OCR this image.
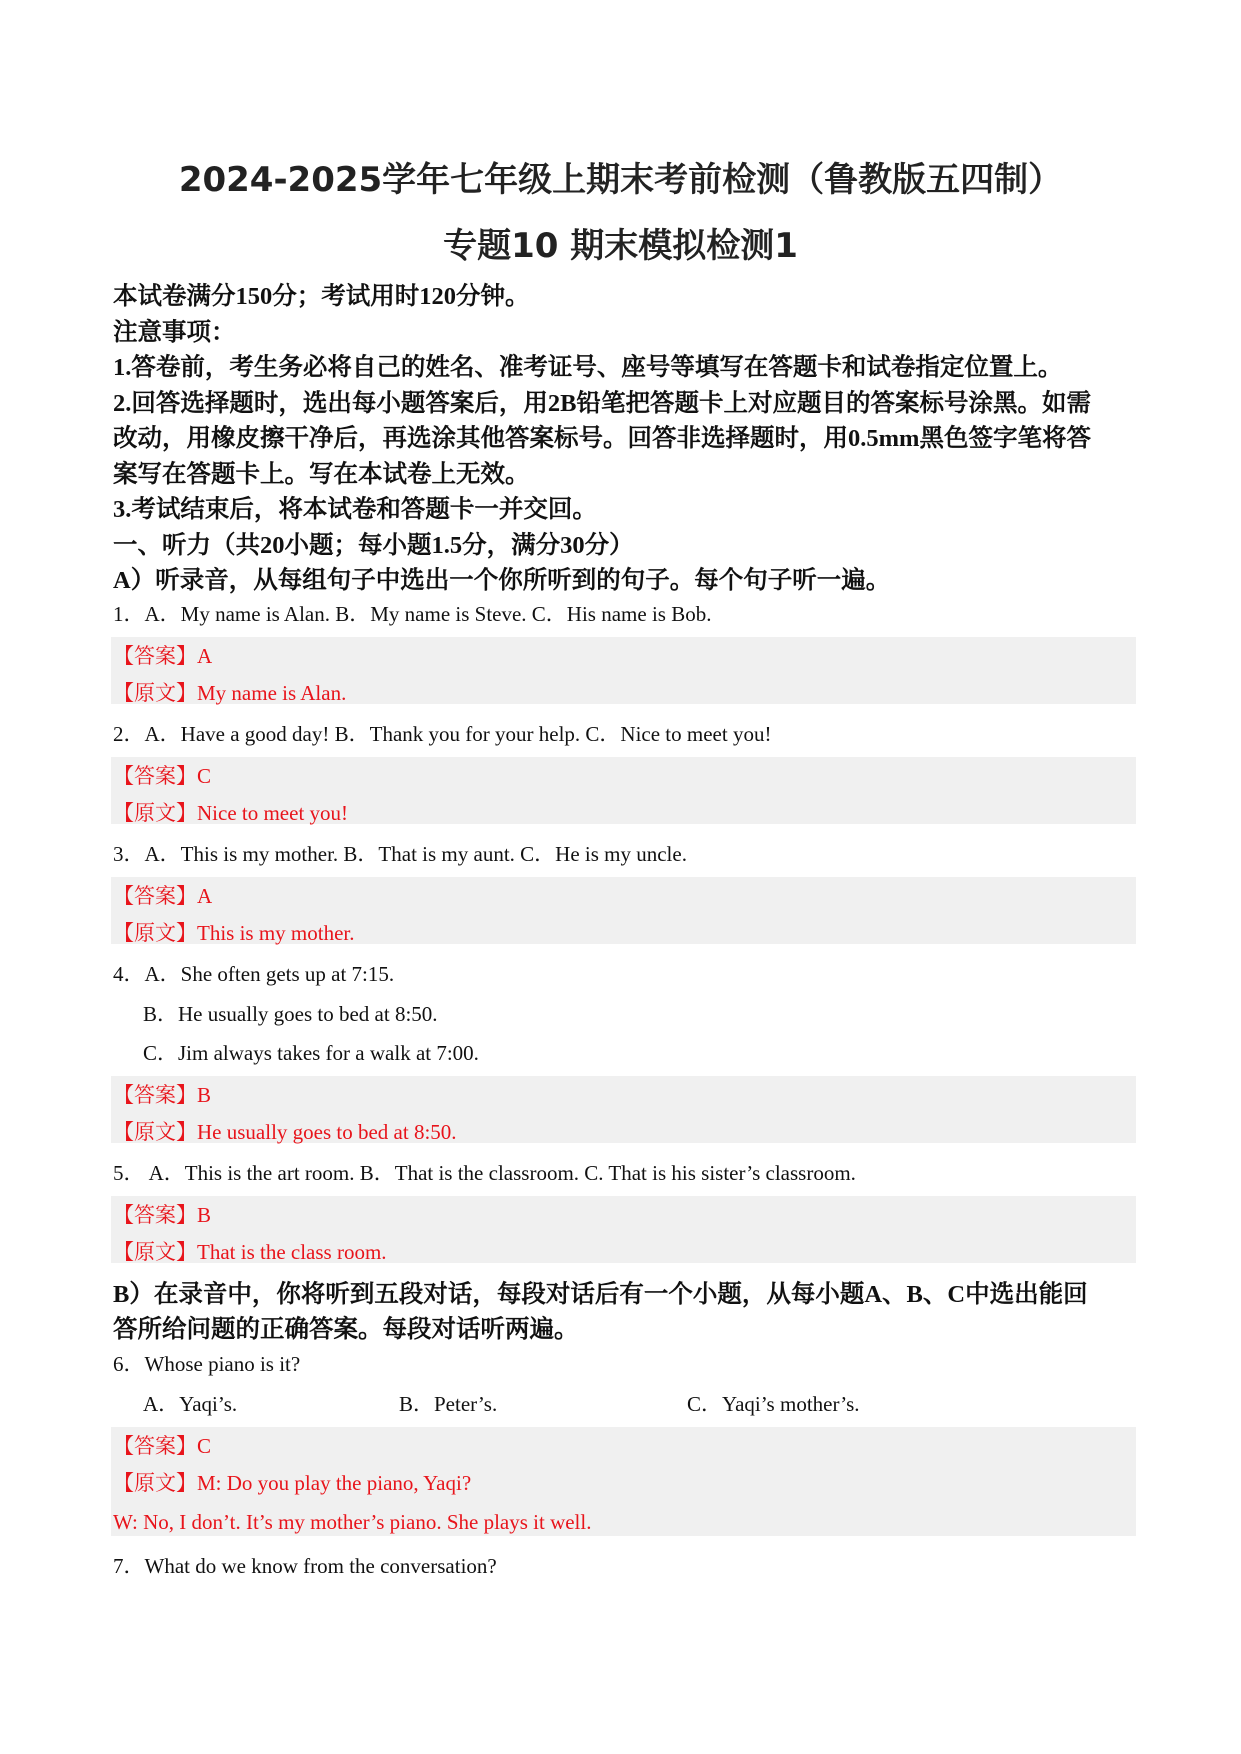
2024-2025学年七年级上期末考前检测（鲁教版五四制）
专题10 期末模拟检测1
本试卷满分150分；考试用时120分钟。
注意事项：
1.答卷前，考生务必将自己的姓名、准考证号、座号等填写在答题卡和试卷指定位置上。
2.回答选择题时，选出每小题答案后，用2B铅笔把答题卡上对应题目的答案标号涂黑。如需
改动，用橡皮擦干净后，再选涂其他答案标号。回答非选择题时，用0.5mm黑色签字笔将答
案写在答题卡上。写在本试卷上无效。
3.考试结束后，将本试卷和答题卡一并交回。
一、听力（共20小题；每小题1.5分，满分30分）
A）听录音，从每组句子中选出一个你所听到的句子。每个句子听一遍。
1．A．My name is Alan. B．My name is Steve. C．His name is Bob.
【答案】A
【原文】My name is Alan.
2．A．Have a good day! B．Thank you for your help. C．Nice to meet you!
【答案】C
【原文】Nice to meet you!
3．A．This is my mother. B．That is my aunt. C．He is my uncle.
【答案】A
【原文】This is my mother.
4．A．She often gets up at 7:15.
B．He usually goes to bed at 8:50.
C．Jim always takes for a walk at 7:00.
【答案】B
【原文】He usually goes to bed at 8:50.
5． A．This is the art room. B．That is the classroom. C. That is his sister’s classroom.
【答案】B
【原文】That is the class room.
B）在录音中，你将听到五段对话，每段对话后有一个小题，从每小题A、B、C中选出能回
答所给问题的正确答案。每段对话听两遍。
6．Whose piano is it?
A．Yaqi’s.	B．Peter’s.	C．Yaqi’s mother’s.
【答案】C
【原文】M: Do you play the piano, Yaqi?
W: No, I don’t. It’s my mother’s piano. She plays it well.
7．What do we know from the conversation?
